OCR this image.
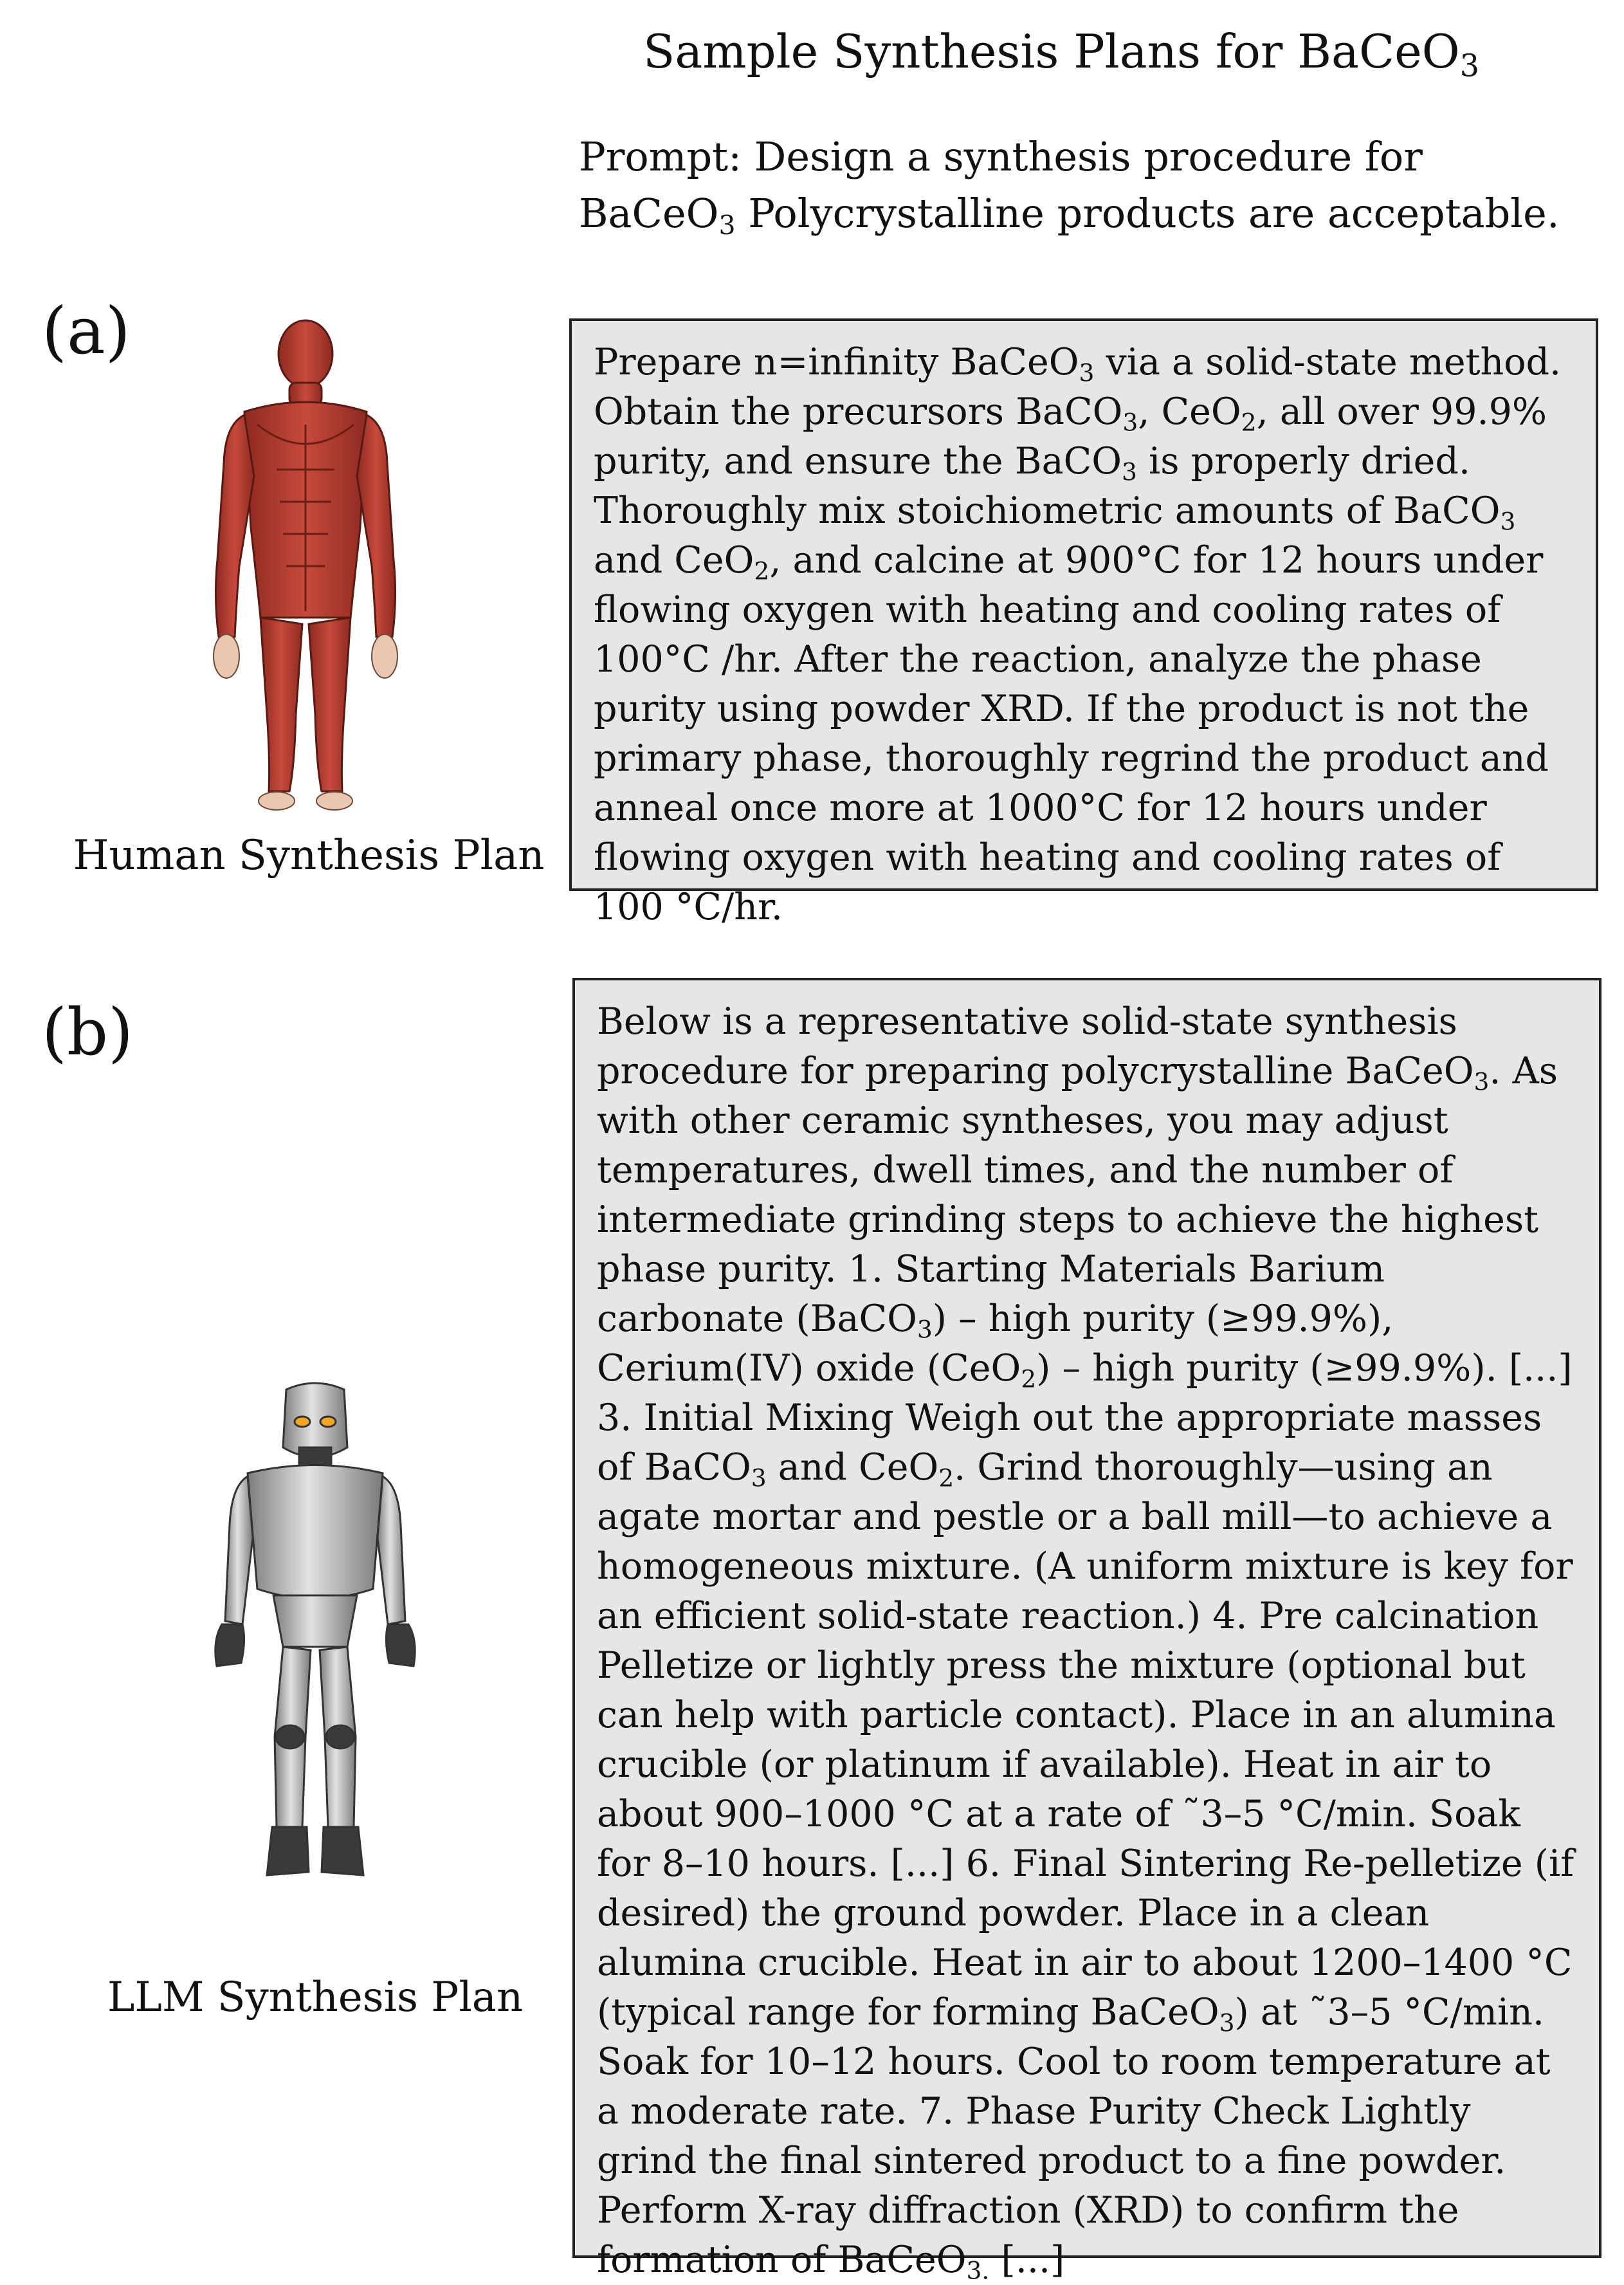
Sample Synthesis Plans for BaCeO$_3$
Prompt: Design a synthesis procedure for
BaCeO$_3$ Polycrystalline products are acceptable.
(a)
Human Synthesis Plan
Prepare n=infinity BaCeO$_3$ via a solid-state method. Obtain the precursors BaCO$_3$, CeO$_2$, all over 99.9% purity, and ensure the BaCO$_3$ is properly dried. Thoroughly mix stoichiometric amounts of BaCO$_3$ and CeO$_2$, and calcine at 900°C for 12 hours under flowing oxygen with heating and cooling rates of 100°C /hr. After the reaction, analyze the phase purity using powder XRD. If the product is not the primary phase, thoroughly regrind the product and anneal once more at 1000°C for 12 hours under flowing oxygen with heating and cooling rates of 100 °C/hr.
(b)
LLM Synthesis Plan
Below is a representative solid-state synthesis procedure for preparing polycrystalline BaCeO$_3$. As with other ceramic syntheses, you may adjust temperatures, dwell times, and the number of intermediate grinding steps to achieve the highest phase purity. 1. Starting Materials Barium carbonate (BaCO$_3$) – high purity (≥99.9%), Cerium(IV) oxide (CeO$_2$) – high purity (≥99.9%). [...] 3. Initial Mixing Weigh out the appropriate masses of BaCO$_3$ and CeO$_2$. Grind thoroughly—using an agate mortar and pestle or a ball mill—to achieve a homogeneous mixture. (A uniform mixture is key for an efficient solid-state reaction.) 4. Pre calcination Pelletize or lightly press the mixture (optional but can help with particle contact). Place in an alumina crucible (or platinum if available). Heat in air to about 900–1000 °C at a rate of ˜3–5 °C/min. Soak for 8–10 hours. [...] 6. Final Sintering Re-pelletize (if desired) the ground powder. Place in a clean alumina crucible. Heat in air to about 1200–1400 °C (typical range for forming BaCeO$_3$) at ˜3–5 °C/min. Soak for 10–12 hours. Cool to room temperature at a moderate rate. 7. Phase Purity Check Lightly grind the final sintered product to a fine powder. Perform X-ray diffraction (XRD) to confirm the formation of BaCeO$_{3.}$ [...]
